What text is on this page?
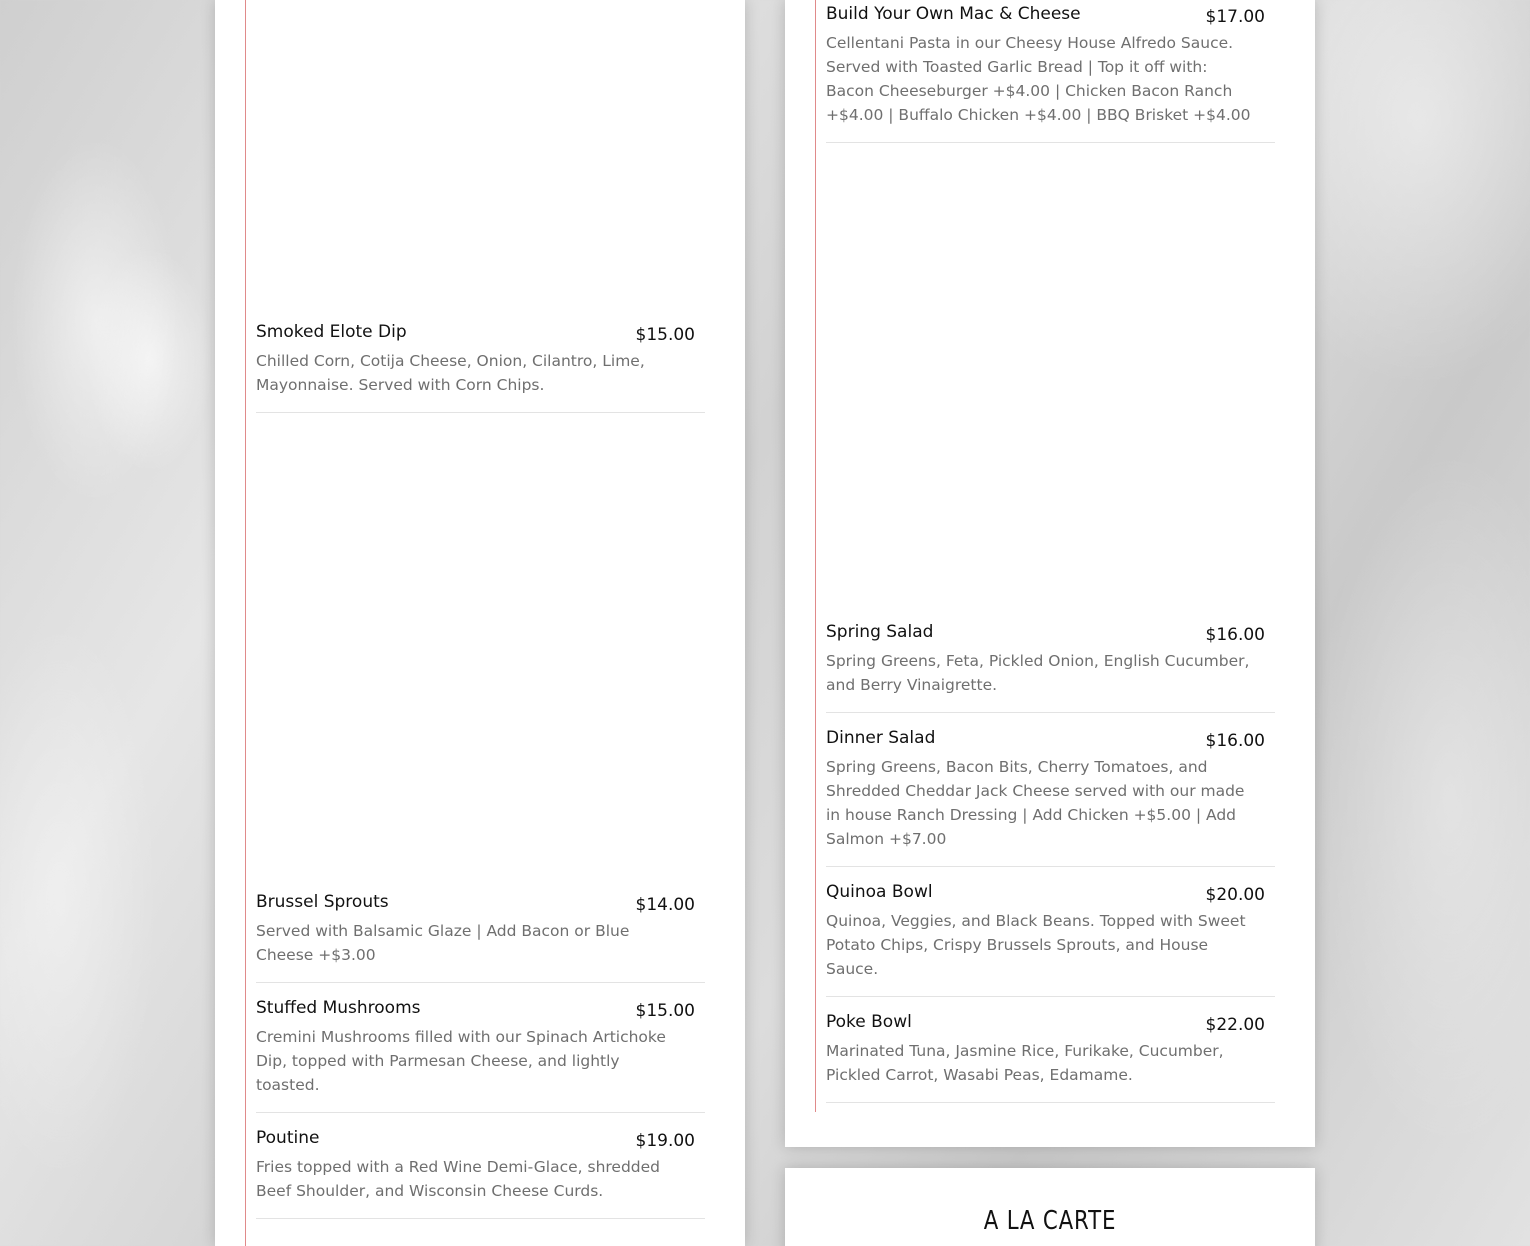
Smoked Elote Dip	$15.00
Chilled Corn, Cotija Cheese, Onion, Cilantro, Lime, Mayonnaise. Served with Corn Chips.
Brussel Sprouts	$14.00
Served with Balsamic Glaze | Add Bacon or Blue Cheese +$3.00
Stuffed Mushrooms	$15.00
Cremini Mushrooms filled with our Spinach Artichoke Dip, topped with Parmesan Cheese, and lightly toasted.
Poutine	$19.00
Fries topped with a Red Wine Demi-Glace, shredded Beef Shoulder, and Wisconsin Cheese Curds.
Build Your Own Mac & Cheese	$17.00
Cellentani Pasta in our Cheesy House Alfredo Sauce. Served with Toasted Garlic Bread | Top it off with: Bacon Cheeseburger +$4.00 | Chicken Bacon Ranch +$4.00 | Buffalo Chicken +$4.00 | BBQ Brisket +$4.00
Spring Salad	$16.00
Spring Greens, Feta, Pickled Onion, English Cucumber, and Berry Vinaigrette.
Dinner Salad	$16.00
Spring Greens, Bacon Bits, Cherry Tomatoes, and Shredded Cheddar Jack Cheese served with our made in house Ranch Dressing | Add Chicken +$5.00 | Add Salmon +$7.00
Quinoa Bowl	$20.00
Quinoa, Veggies, and Black Beans. Topped with Sweet Potato Chips, Crispy Brussels Sprouts, and House Sauce.
Poke Bowl	$22.00
Marinated Tuna, Jasmine Rice, Furikake, Cucumber, Pickled Carrot, Wasabi Peas, Edamame.
A LA CARTE
